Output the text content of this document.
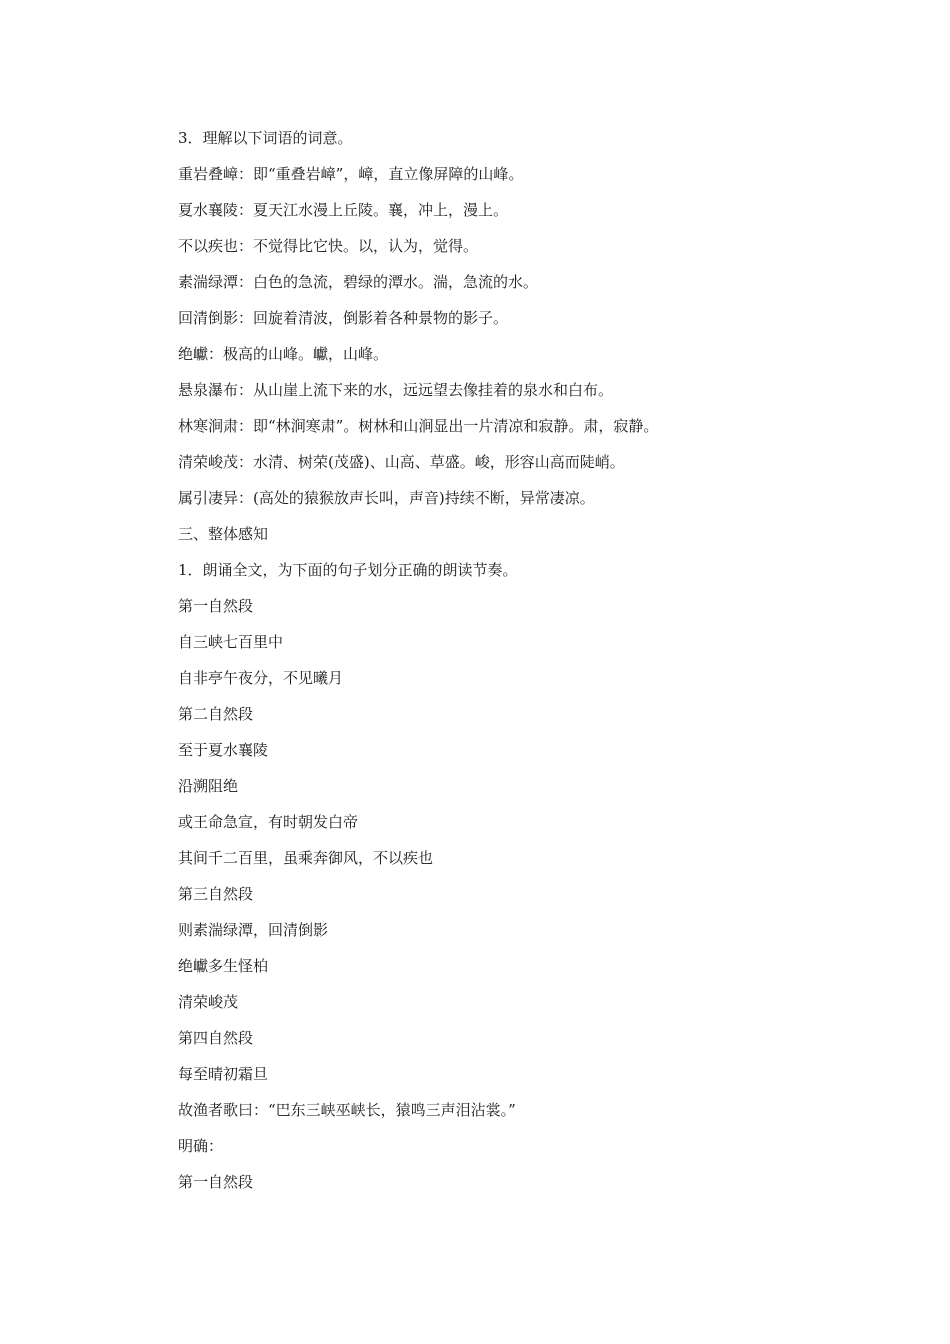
3．理解以下词语的词意。
重岩叠嶂：即“重叠岩嶂”，嶂，直立像屏障的山峰。
夏水襄陵：夏天江水漫上丘陵。襄，冲上，漫上。
不以疾也：不觉得比它快。以，认为，觉得。
素湍绿潭：白色的急流，碧绿的潭水。湍，急流的水。
回清倒影：回旋着清波，倒影着各种景物的影子。
绝巘：极高的山峰。巘，山峰。
悬泉瀑布：从山崖上流下来的水，远远望去像挂着的泉水和白布。
林寒涧肃：即“林涧寒肃”。树林和山涧显出一片清凉和寂静。肃，寂静。
清荣峻茂：水清、树荣(茂盛)、山高、草盛。峻，形容山高而陡峭。
属引凄异：(高处的猿猴放声长叫，声音)持续不断，异常凄凉。
三、整体感知
1．朗诵全文，为下面的句子划分正确的朗读节奏。
第一自然段
自三峡七百里中
自非亭午夜分，不见曦月
第二自然段
至于夏水襄陵
沿溯阻绝
或王命急宣，有时朝发白帝
其间千二百里，虽乘奔御风，不以疾也
第三自然段
则素湍绿潭，回清倒影
绝巘多生怪柏
清荣峻茂
第四自然段
每至晴初霜旦
故渔者歌曰：“巴东三峡巫峡长，猿鸣三声泪沾裳。”
明确：
第一自然段
